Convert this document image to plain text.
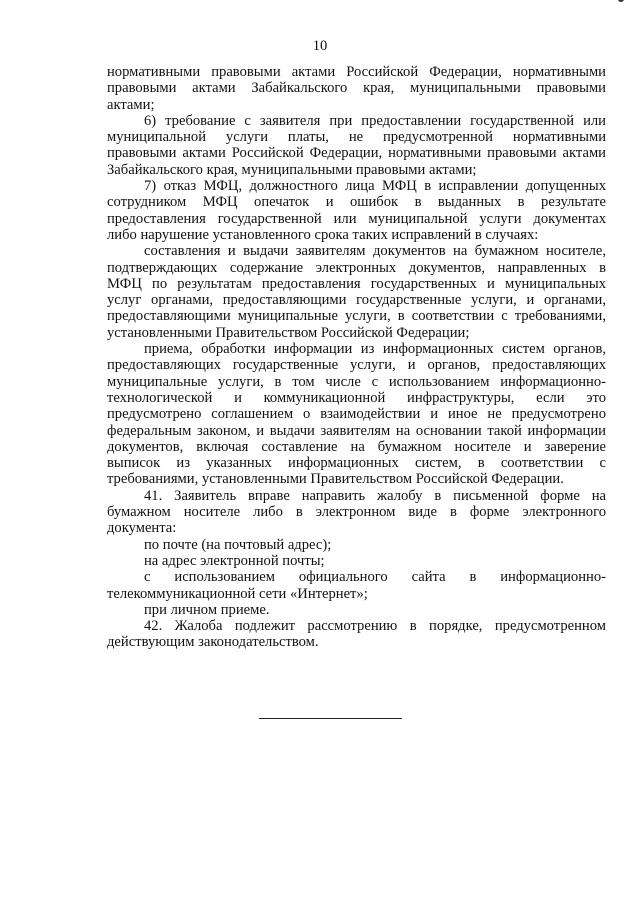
10
нормативными правовыми актами Российской Федерации, нормативными
правовыми актами Забайкальского края, муниципальными правовыми
актами;
6) требование с заявителя при предоставлении государственной или
муниципальной услуги платы, не предусмотренной нормативными
правовыми актами Российской Федерации, нормативными правовыми актами
Забайкальского края, муниципальными правовыми актами;
7) отказ МФЦ, должностного лица МФЦ в исправлении допущенных
сотрудником МФЦ опечаток и ошибок в выданных в результате
предоставления государственной или муниципальной услуги документах
либо нарушение установленного срока таких исправлений в случаях:
составления и выдачи заявителям документов на бумажном носителе,
подтверждающих содержание электронных документов, направленных в
МФЦ по результатам предоставления государственных и муниципальных
услуг органами, предоставляющими государственные услуги, и органами,
предоставляющими муниципальные услуги, в соответствии с требованиями,
установленными Правительством Российской Федерации;
приема, обработки информации из информационных систем органов,
предоставляющих государственные услуги, и органов, предоставляющих
муниципальные услуги, в том числе с использованием информационно-
технологической и коммуникационной инфраструктуры, если это
предусмотрено соглашением о взаимодействии и иное не предусмотрено
федеральным законом, и выдачи заявителям на основании такой информации
документов, включая составление на бумажном носителе и заверение
выписок из указанных информационных систем, в соответствии с
требованиями, установленными Правительством Российской Федерации.
41. Заявитель вправе направить жалобу в письменной форме на
бумажном носителе либо в электронном виде в форме электронного
документа:
по почте (на почтовый адрес);
на адрес электронной почты;
с использованием официального сайта в информационно-
телекоммуникационной сети «Интернет»;
при личном приеме.
42. Жалоба подлежит рассмотрению в порядке, предусмотренном
действующим законодательством.
